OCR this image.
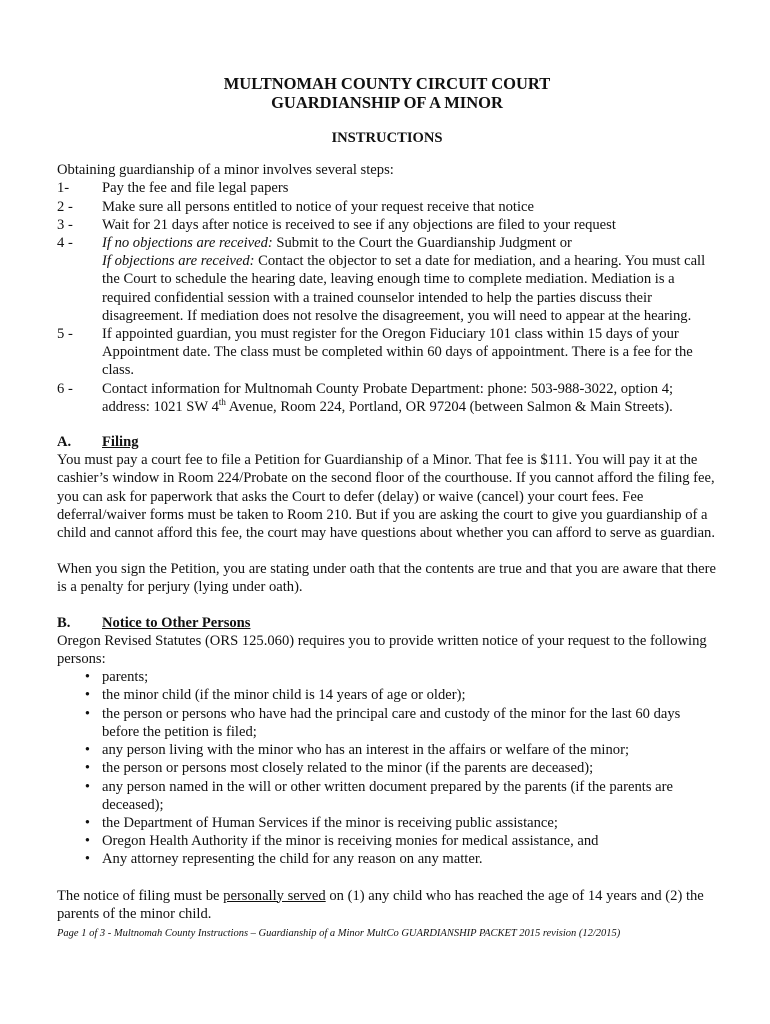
MULTNOMAH COUNTY CIRCUIT COURT

GUARDIANSHIP OF A MINOR

INSTRUCTIONS

Obtaining guardianship of a minor involves several steps:

1-	Pay the fee and file legal papers
2 -	Make sure all persons entitled to notice of your request receive that notice
3 -	Wait for 21 days after notice is received to see if any objections are filed to your request
4 -	If no objections are received: Submit to the Court the Guardianship Judgment or
If objections are received: Contact the objector to set a date for mediation, and a hearing. You must call the Court to schedule the hearing date, leaving enough time to complete mediation. Mediation is a required confidential session with a trained counselor intended to help the parties discuss their disagreement. If mediation does not resolve the disagreement, you will need to appear at the hearing.
5 -	If appointed guardian, you must register for the Oregon Fiduciary 101 class within 15 days of your Appointment date. The class must be completed within 60 days of appointment. There is a fee for the class.
6 -	Contact information for Multnomah County Probate Department: phone: 503-988-3022, option 4; address: 1021 SW 4th Avenue, Room 224, Portland, OR 97204 (between Salmon & Main Streets).
A.	Filing

You must pay a court fee to file a Petition for Guardianship of a Minor. That fee is $111. You will pay it at the cashier’s window in Room 224/Probate on the second floor of the courthouse. If you cannot afford the filing fee, you can ask for paperwork that asks the Court to defer (delay) or waive (cancel) your court fees. Fee deferral/waiver forms must be taken to Room 210. But if you are asking the court to give you guardianship of a child and cannot afford this fee, the court may have questions about whether you can afford to serve as guardian.

When you sign the Petition, you are stating under oath that the contents are true and that you are aware that there is a penalty for perjury (lying under oath).

B.	Notice to Other Persons

Oregon Revised Statutes (ORS 125.060) requires you to provide written notice of your request to the following persons:

• parents;
• the minor child (if the minor child is 14 years of age or older);
• the person or persons who have had the principal care and custody of the minor for the last 60 days before the petition is filed;
• any person living with the minor who has an interest in the affairs or welfare of the minor;
• the person or persons most closely related to the minor (if the parents are deceased);
• any person named in the will or other written document prepared by the parents (if the parents are deceased);
• the Department of Human Services if the minor is receiving public assistance;
• Oregon Health Authority if the minor is receiving monies for medical assistance, and
• Any attorney representing the child for any reason on any matter.

The notice of filing must be personally served on (1) any child who has reached the age of 14 years and (2) the parents of the minor child.

Page 1 of 3 - Multnomah County Instructions – Guardianship of a Minor MultCo GUARDIANSHIP PACKET 2015 revision (12/2015)
